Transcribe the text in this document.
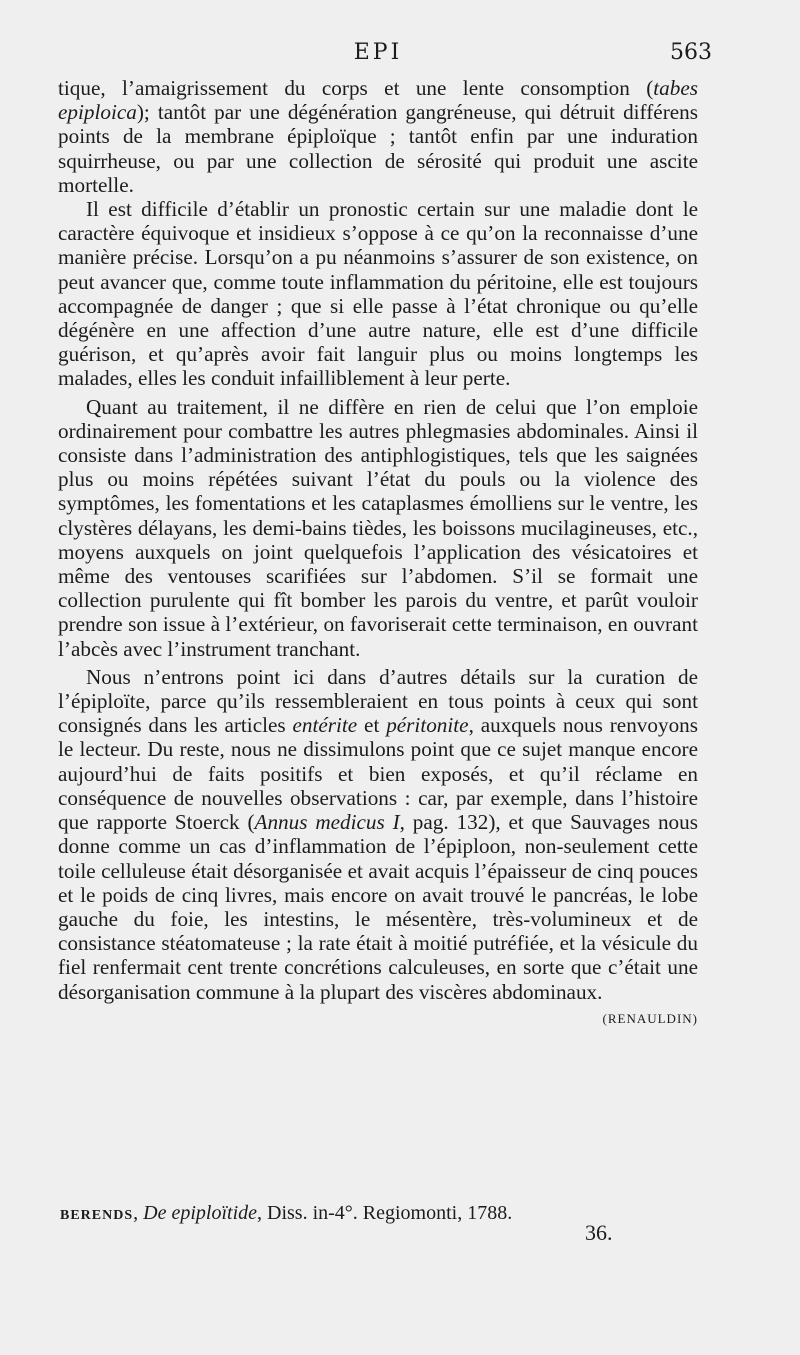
EPI	563

tique, l’amaigrissement du corps et une lente consomption (tabes epiploica); tantôt par une dégénération gangréneuse, qui détruit différens points de la membrane épiploïque ; tantôt enfin par une induration squirrheuse, ou par une collection de sérosité qui produit une ascite mortelle.

Il est difficile d’établir un pronostic certain sur une maladie dont le caractère équivoque et insidieux s’oppose à ce qu’on la reconnaisse d’une manière précise. Lorsqu’on a pu néanmoins s’assurer de son existence, on peut avancer que, comme toute inflammation du péritoine, elle est toujours accompagnée de danger ; que si elle passe à l’état chronique ou qu’elle dégénère en une affection d’une autre nature, elle est d’une difficile guérison, et qu’après avoir fait languir plus ou moins longtemps les malades, elles les conduit infailliblement à leur perte.

Quant au traitement, il ne diffère en rien de celui que l’on emploie ordinairement pour combattre les autres phlegmasies abdominales. Ainsi il consiste dans l’administration des antiphlogistiques, tels que les saignées plus ou moins répétées suivant l’état du pouls ou la violence des symptômes, les fomentations et les cataplasmes émolliens sur le ventre, les clystères délayans, les demi-bains tièdes, les boissons mucilagineuses, etc., moyens auxquels on joint quelquefois l’application des vésicatoires et même des ventouses scarifiées sur l’abdomen. S’il se formait une collection purulente qui fît bomber les parois du ventre, et parût vouloir prendre son issue à l’extérieur, on favoriserait cette terminaison, en ouvrant l’abcès avec l’instrument tranchant.

Nous n’entrons point ici dans d’autres détails sur la curation de l’épiploïte, parce qu’ils ressembleraient en tous points à ceux qui sont consignés dans les articles entérite et péritonite, auxquels nous renvoyons le lecteur. Du reste, nous ne dissimulons point que ce sujet manque encore aujourd’hui de faits positifs et bien exposés, et qu’il réclame en conséquence de nouvelles observations : car, par exemple, dans l’histoire que rapporte Stoerck (Annus medicus I, pag. 132), et que Sauvages nous donne comme un cas d’inflammation de l’épiploon, non-seulement cette toile celluleuse était désorganisée et avait acquis l’épaisseur de cinq pouces et le poids de cinq livres, mais encore on avait trouvé le pancréas, le lobe gauche du foie, les intestins, le mésentère, très-volumineux et de consistance stéatomateuse ; la rate était à moitié putréfiée, et la vésicule du fiel renfermait cent trente concrétions calculeuses, en sorte que c’était une désorganisation commune à la plupart des viscères abdominaux.

(RENAULDIN)
BERENDS, De epiploïtide, Diss. in-4°. Regiomonti, 1788.
36.
